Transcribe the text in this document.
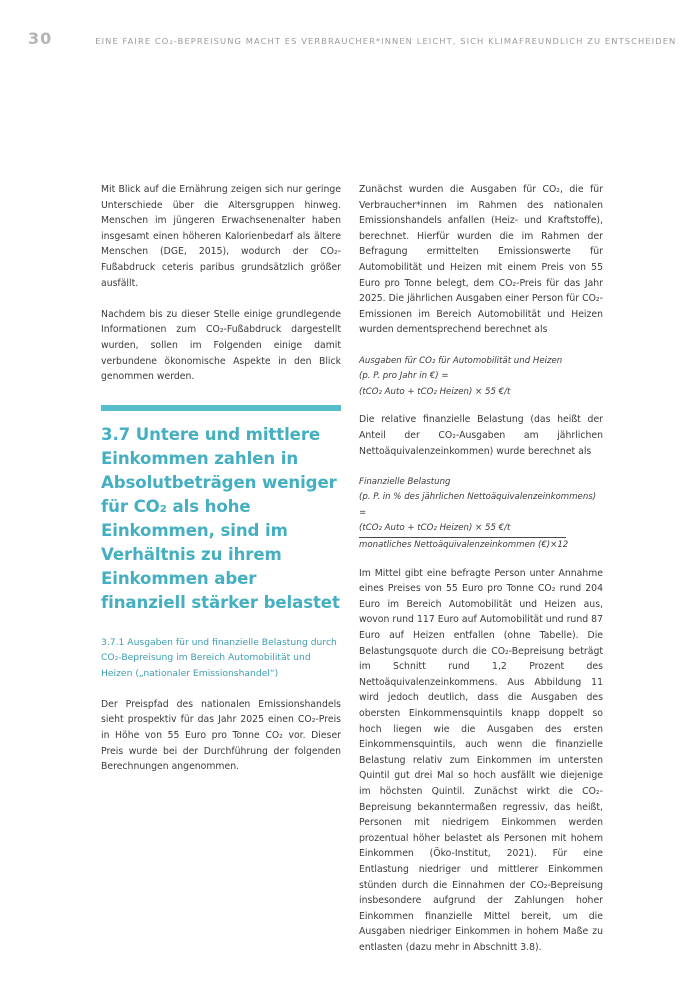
30	EINE FAIRE CO₂-BEPREISUNG MACHT ES VERBRAUCHER*INNEN LEICHT, SICH KLIMAFREUNDLICH ZU ENTSCHEIDEN

Mit Blick auf die Ernährung zeigen sich nur geringe Unterschiede über die Altersgruppen hinweg. Menschen im jüngeren Erwachsenenalter haben insgesamt einen höheren Kalorienbedarf als ältere Menschen (DGE, 2015), wodurch der CO₂-Fußabdruck ceteris paribus grundsätzlich größer ausfällt.

Nachdem bis zu dieser Stelle einige grundlegende Informationen zum CO₂-Fußabdruck dargestellt wurden, sollen im Folgenden einige damit verbundene ökonomische Aspekte in den Blick genommen werden.

3.7 Untere und mittlere Einkommen zahlen in Absolutbeträgen weniger für CO₂ als hohe Einkommen, sind im Verhältnis zu ihrem Einkommen aber finanziell stärker belastet
3.7.1 Ausgaben für und finanzielle Belastung durch CO₂-Bepreisung im Bereich Automobilität und Heizen („nationaler Emissionshandel“)

Der Preispfad des nationalen Emissionshandels sieht prospektiv für das Jahr 2025 einen CO₂-Preis in Höhe von 55 Euro pro Tonne CO₂ vor. Dieser Preis wurde bei der Durchführung der folgenden Berechnungen angenommen.

Zunächst wurden die Ausgaben für CO₂, die für Verbraucher*innen im Rahmen des nationalen Emissionshandels anfallen (Heiz- und Kraftstoffe), berechnet. Hierfür wurden die im Rahmen der Befragung ermittelten Emissionswerte für Automobilität und Heizen mit einem Preis von 55 Euro pro Tonne belegt, dem CO₂-Preis für das Jahr 2025. Die jährlichen Ausgaben einer Person für CO₂-Emissionen im Bereich Automobilität und Heizen wurden dementsprechend berechnet als

Ausgaben für CO₂ für Automobilität und Heizen
(p. P. pro Jahr in €) =
(tCO₂ Auto + tCO₂ Heizen) × 55 €/t

Die relative finanzielle Belastung (das heißt der Anteil der CO₂-Ausgaben am jährlichen Nettoäquivalenzeinkommen) wurde berechnet als

Finanzielle Belastung
(p. P. in % des jährlichen Nettoäquivalenzeinkommens) =
(tCO₂ Auto + tCO₂ Heizen) × 55 €/t
monatliches Nettoäquivalenzeinkommen (€)×12

Im Mittel gibt eine befragte Person unter Annahme eines Preises von 55 Euro pro Tonne CO₂ rund 204 Euro im Bereich Automobilität und Heizen aus, wovon rund 117 Euro auf Automobilität und rund 87 Euro auf Heizen entfallen (ohne Tabelle). Die Belastungsquote durch die CO₂-Bepreisung beträgt im Schnitt rund 1,2 Prozent des Nettoäquivalenzeinkommens. Aus Abbildung 11 wird jedoch deutlich, dass die Ausgaben des obersten Einkommensquintils knapp doppelt so hoch liegen wie die Ausgaben des ersten Einkommensquintils, auch wenn die finanzielle Belastung relativ zum Einkommen im untersten Quintil gut drei Mal so hoch ausfällt wie diejenige im höchsten Quintil. Zunächst wirkt die CO₂-Bepreisung bekanntermaßen regressiv, das heißt, Personen mit niedrigem Einkommen werden prozentual höher belastet als Personen mit hohem Einkommen (Öko-Institut, 2021). Für eine Entlastung niedriger und mittlerer Einkommen stünden durch die Einnahmen der CO₂-Bepreisung insbesondere aufgrund der Zahlungen hoher Einkommen finanzielle Mittel bereit, um die Ausgaben niedriger Einkommen in hohem Maße zu entlasten (dazu mehr in Abschnitt 3.8).
